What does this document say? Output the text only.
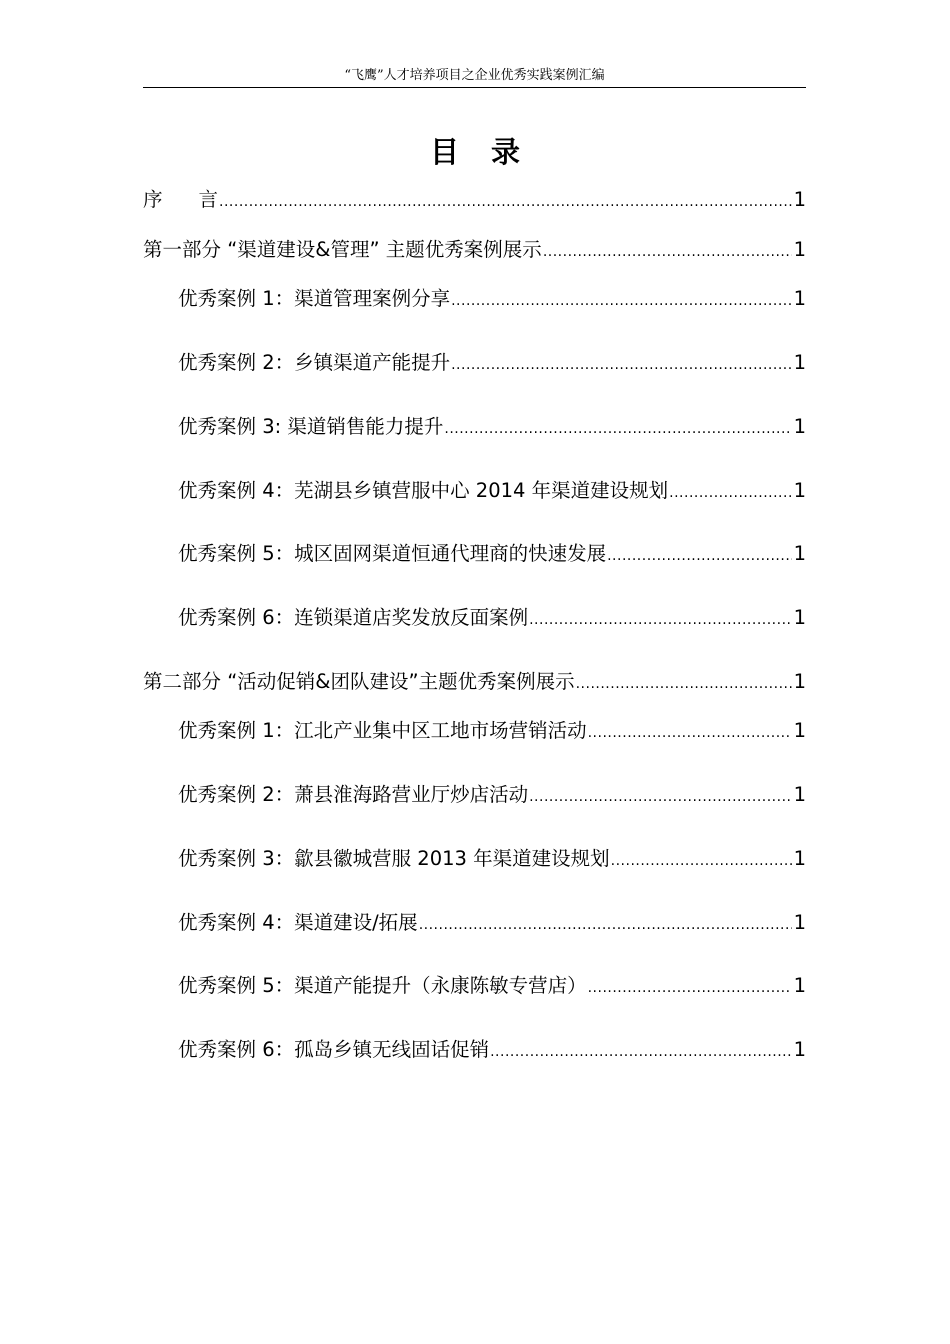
“飞鹰”人才培养项目之企业优秀实践案例汇编
目 录
序 言 .....	1
第一部分 “渠道建设&管理” 主题优秀案例展示 .....	1
优秀案例 1：渠道管理案例分享 .....	1
优秀案例 2：乡镇渠道产能提升 .....	1
优秀案例 3: 渠道销售能力提升 .....	1
优秀案例 4：芜湖县乡镇营服中心 2014 年渠道建设规划 .....	1
优秀案例 5：城区固网渠道恒通代理商的快速发展 .....	1
优秀案例 6：连锁渠道店奖发放反面案例 .....	1
第二部分 “活动促销&团队建设”主题优秀案例展示 .....	1
优秀案例 1：江北产业集中区工地市场营销活动 .....	1
优秀案例 2：萧县淮海路营业厅炒店活动 .....	1
优秀案例 3：歙县徽城营服 2013 年渠道建设规划 .....	1
优秀案例 4：渠道建设/拓展 .....	1
优秀案例 5：渠道产能提升（永康陈敏专营店） .....	1
优秀案例 6：孤岛乡镇无线固话促销 .....	1
